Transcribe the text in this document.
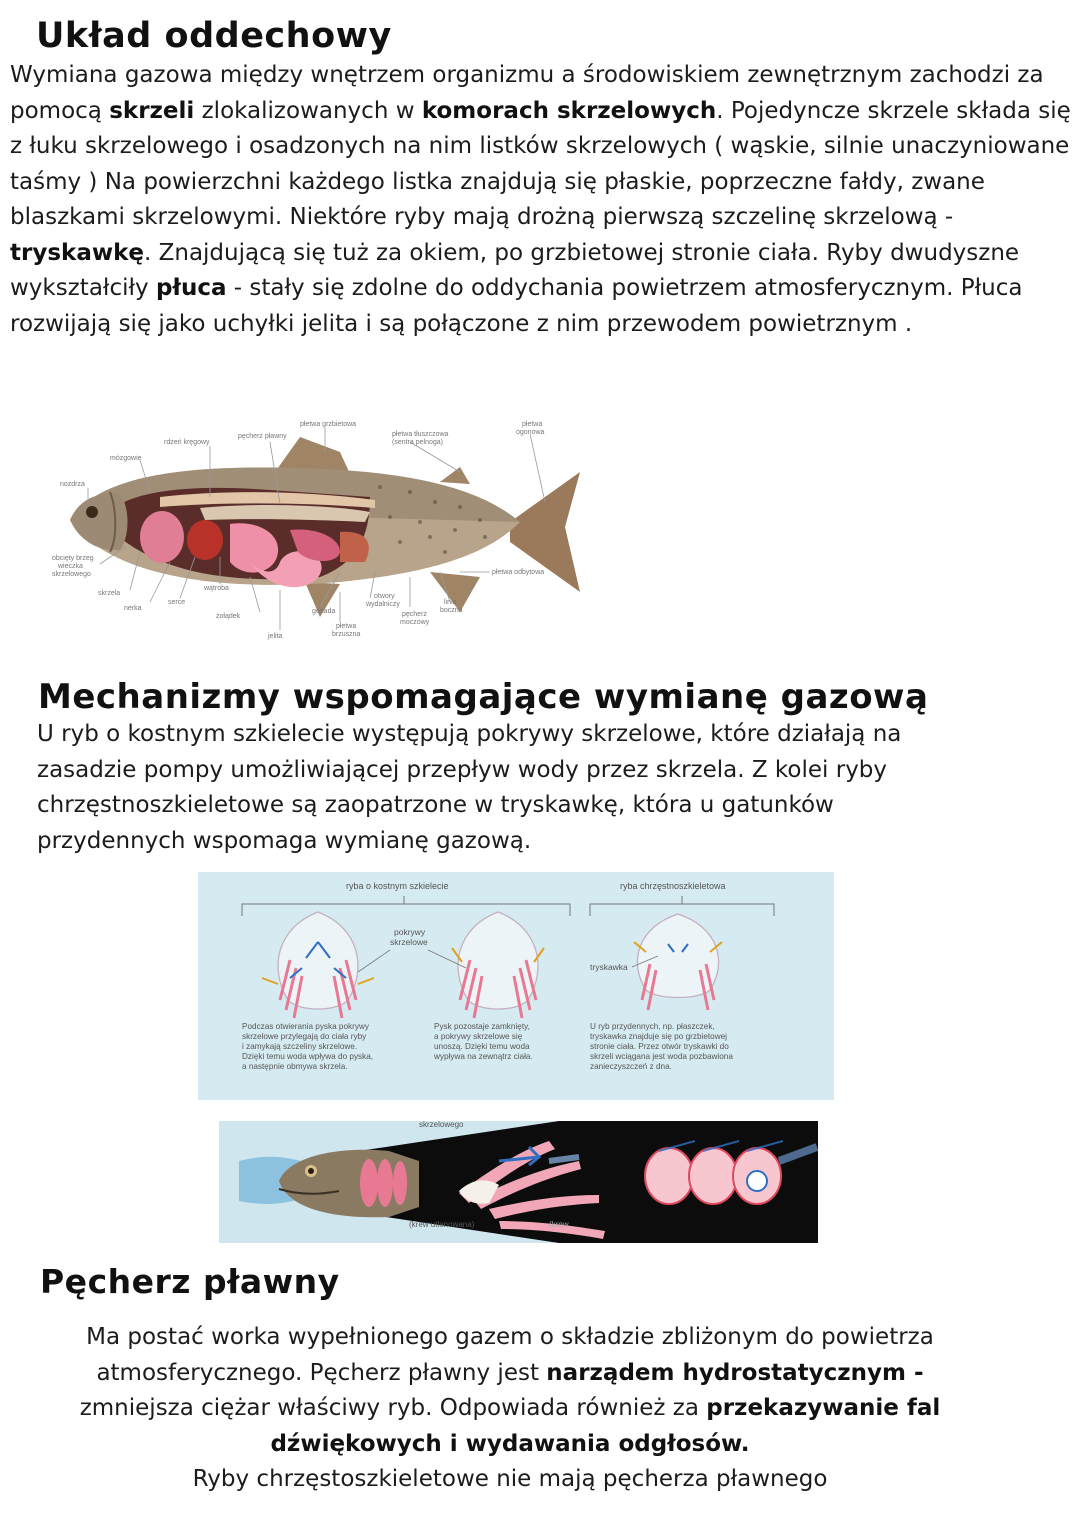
Układ oddechowy

Wymiana gazowa między wnętrzem organizmu a środowiskiem zewnętrznym zachodzi za pomocą skrzeli zlokalizowanych w komorach skrzelowych. Pojedyncze skrzele składa się z łuku skrzelowego i osadzonych na nim listków skrzelowych ( wąskie, silnie unaczyniowane taśmy ) Na powierzchni każdego listka znajdują się płaskie, poprzeczne fałdy, zwane blaszkami skrzelowymi. Niektóre ryby mają drożną pierwszą szczelinę skrzelową - tryskawkę. Znajdującą się tuż za okiem, po grzbietowej stronie ciała. Ryby dwudyszne wykształciły płuca - stały się zdolne do oddychania powietrzem atmosferycznym. Płuca rozwijają się jako uchyłki jelita i są połączone z nim przewodem powietrznym .

płetwa grzbietowa
pęcherz pławny
rdzeń kręgowy
mózgowie
nozdrza
płetwa tłuszczowa
(sentra pelnoga)
płetwa
ogonowa
obcięty brzeg
wieczka
skrzelowego
skrzela
nerka
serce
wątroba
żołądek
jelita
gonada
płetwa
brzuszna
otwory
wydalniczy
pęcherz
moczowy
linia
boczna
płetwa odbytowa
Mechanizmy wspomagające wymianę gazową

U ryb o kostnym szkielecie występują pokrywy skrzelowe, które działają na zasadzie pompy umożliwiającej przepływ wody przez skrzela. Z kolei ryby chrzęstnoszkieletowe są zaopatrzone w tryskawkę, która u gatunków przydennych wspomaga wymianę gazową.

ryba o kostnym szkielecie	ryba chrzęstnoszkieletowa
pokrywy
skrzelowe
tryskawka
Podczas otwierania pyska pokrywy
skrzelowe przylegają do ciała ryby
i zamykają szczeliny skrzelowe.
Dzięki temu woda wpływa do pyska,
a następnie obmywa skrzela.
Pysk pozostaje zamknięty,
a pokrywy skrzelowe się
unoszą. Dzięki temu woda
wypływa na zewnątrz ciała.
U ryb przydennych, np. płaszczek,
tryskawka znajduje się po grzbietowej
stronie ciała. Przez otwór tryskawki do
skrzeli wciągana jest woda pozbawiona
zanieczyszczeń z dna.
skrzelowego
(krew utlenowana)	(krew
Pęcherz pławny

Ma postać worka wypełnionego gazem o składzie zbliżonym do powietrza atmosferycznego. Pęcherz pławny jest narządem hydrostatycznym - zmniejsza ciężar właściwy ryb. Odpowiada również za przekazywanie fal dźwiękowych i wydawania odgłosów.
Ryby chrzęstoszkieletowe nie mają pęcherza pławnego
